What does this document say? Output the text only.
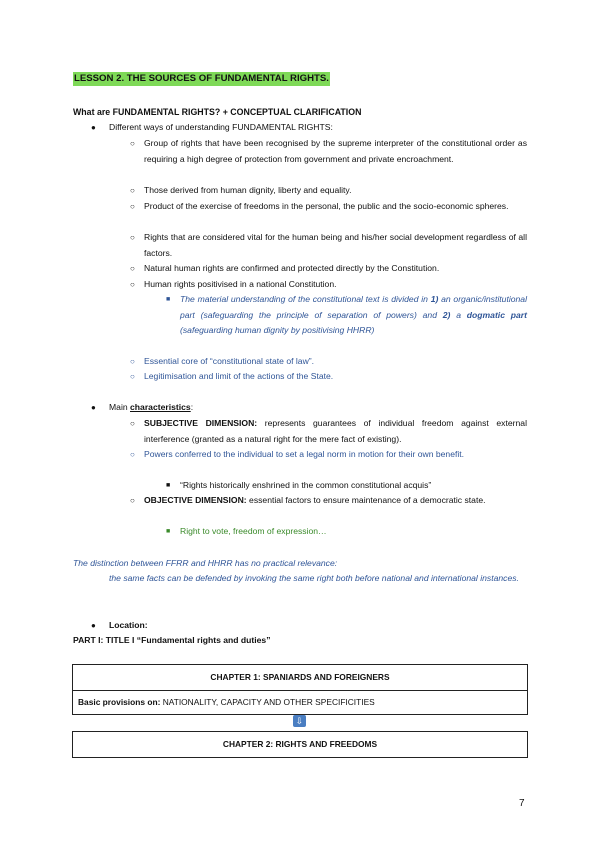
LESSON 2. THE SOURCES OF FUNDAMENTAL RIGHTS.
What are FUNDAMENTAL RIGHTS? + CONCEPTUAL CLARIFICATION
●	Different ways of understanding FUNDAMENTAL RIGHTS:
○	Group of rights that have been recognised by the supreme interpreter of the constitutional order as requiring a high degree of protection from government and private encroachment.
○	Those derived from human dignity, liberty and equality.
○	Product of the exercise of freedoms in the personal, the public and the socio-economic spheres.
○	Rights that are considered vital for the human being and his/her social development regardless of all factors.
○	Natural human rights are confirmed and protected directly by the Constitution.
○	Human rights positivised in a national Constitution.
■	The material understanding of the constitutional text is divided in 1) an organic/institutional part (safeguarding the principle of separation of powers) and 2) a dogmatic part (safeguarding human dignity by positivising HHRR)
○	Essential core of “constitutional state of law”.
○	Legitimisation and limit of the actions of the State.
●	Main characteristics:
○	SUBJECTIVE DIMENSION: represents guarantees of individual freedom against external interference (granted as a natural right for the mere fact of existing).
○	Powers conferred to the individual to set a legal norm in motion for their own benefit.
■	“Rights historically enshrined in the common constitutional acquis”
○	OBJECTIVE DIMENSION: essential factors to ensure maintenance of a democratic state.
■	Right to vote, freedom of expression…
The distinction between FFRR and HHRR has no practical relevance:
the same facts can be defended by invoking the same right both before national and international instances.
●	Location:
PART I: TITLE I “Fundamental rights and duties”
CHAPTER 1: SPANIARDS AND FOREIGNERS
Basic provisions on: NATIONALITY, CAPACITY AND OTHER SPECIFICITIES
⇩
CHAPTER 2: RIGHTS AND FREEDOMS
7
